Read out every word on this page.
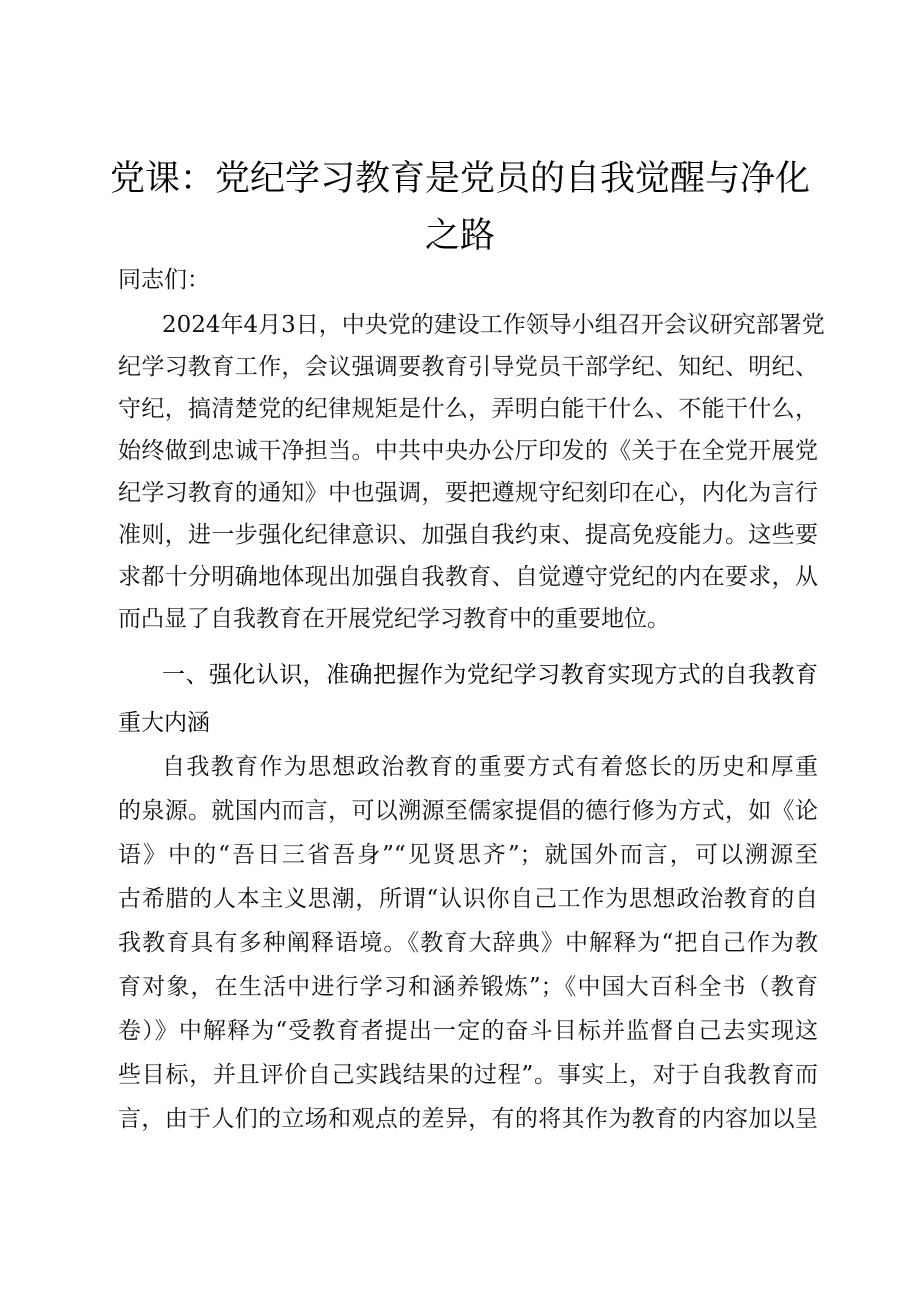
党课：党纪学习教育是党员的自我觉醒与净化
之路
同志们：
2024年4月3日，中央党的建设工作领导小组召开会议研究部署党
纪学习教育工作，会议强调要教育引导党员干部学纪、知纪、明纪、
守纪，搞清楚党的纪律规矩是什么，弄明白能干什么、不能干什么，
始终做到忠诚干净担当。中共中央办公厅印发的《关于在全党开展党
纪学习教育的通知》中也强调，要把遵规守纪刻印在心，内化为言行
准则，进一步强化纪律意识、加强自我约束、提高免疫能力。这些要
求都十分明确地体现出加强自我教育、自觉遵守党纪的内在要求，从
而凸显了自我教育在开展党纪学习教育中的重要地位。
一、强化认识，准确把握作为党纪学习教育实现方式的自我教育
重大内涵
自我教育作为思想政治教育的重要方式有着悠长的历史和厚重
的泉源。就国内而言，可以溯源至儒家提倡的德行修为方式，如《论
语》中的“吾日三省吾身”“见贤思齐”；就国外而言，可以溯源至
古希腊的人本主义思潮，所谓“认识你自己工作为思想政治教育的自
我教育具有多种阐释语境。《教育大辞典》中解释为“把自己作为教
育对象，在生活中进行学习和涵养锻炼”；《中国大百科全书（教育
卷）》中解释为“受教育者提出一定的奋斗目标并监督自己去实现这
些目标，并且评价自己实践结果的过程”。事实上，对于自我教育而
言，由于人们的立场和观点的差异，有的将其作为教育的内容加以呈
